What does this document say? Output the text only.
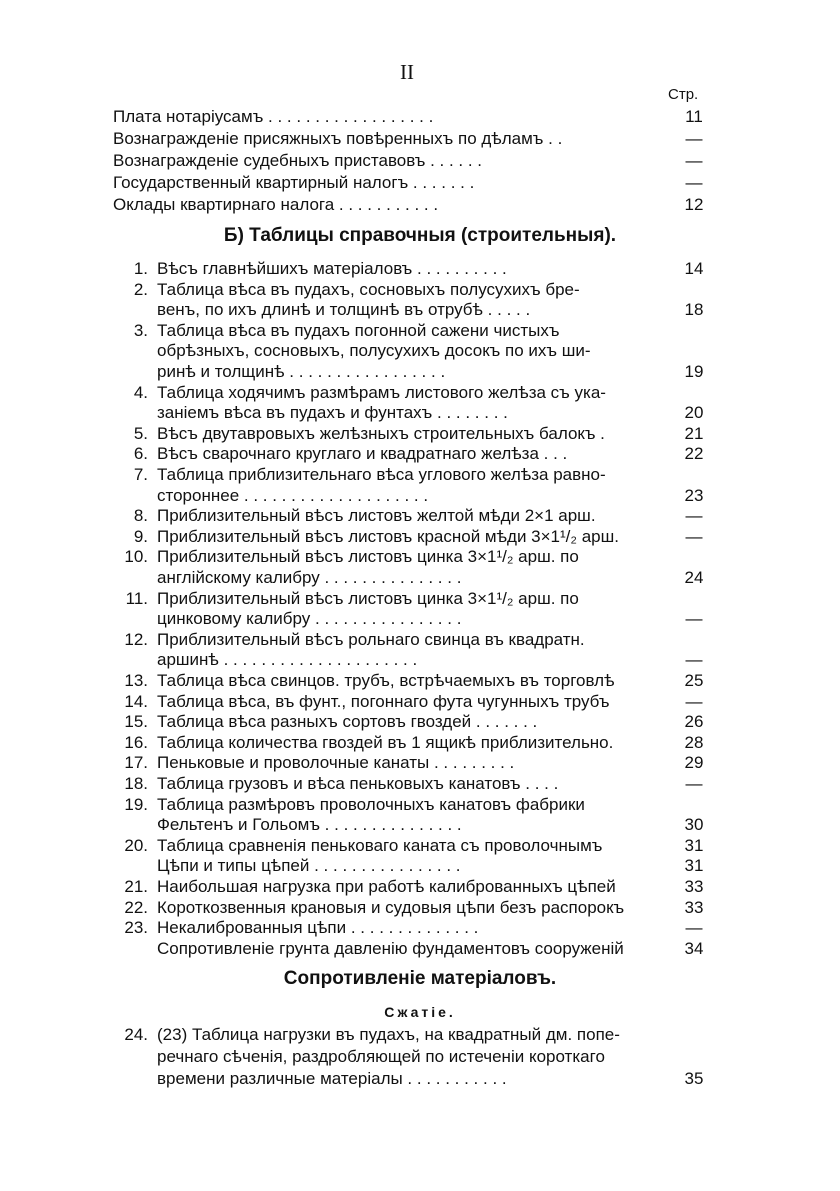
II
Стр.
Плата нотаріусамъ . . . . . . . . . . . . . . . . . .	11
Вознагражденіе присяжныхъ повѣренныхъ по дѣламъ . .	—
Вознагражденіе судебныхъ приставовъ . . . . . .	—
Государственный квартирный налогъ . . . . . . .	—
Оклады квартирнаго налога . . . . . . . . . . .	12
Б) Таблицы справочныя (строительныя).
1. Вѣсъ главнѣйшихъ матеріаловъ . . . . . . . . . .	14
2. Таблица вѣса въ пудахъ, сосновыхъ полусухихъ бре-
венъ, по ихъ длинѣ и толщинѣ въ отрубѣ . . . . .	18
3. Таблица вѣса въ пудахъ погонной сажени чистыхъ
обрѣзныхъ, сосновыхъ, полусухихъ досокъ по ихъ ши-
ринѣ и толщинѣ . . . . . . . . . . . . . . . . .	19
4. Таблица ходячимъ размѣрамъ листового желѣза съ ука-
заніемъ вѣса въ пудахъ и фунтахъ . . . . . . . .	20
5. Вѣсъ двутавровыхъ желѣзныхъ строительныхъ балокъ .	21
6. Вѣсъ сварочнаго круглаго и квадратнаго желѣза . . .	22
7. Таблица приблизительнаго вѣса углового желѣза равно-
стороннее . . . . . . . . . . . . . . . . . . . .	23
8. Приблизительный вѣсъ листовъ желтой мѣди 2×1 арш.	—
9. Приблизительный вѣсъ листовъ красной мѣди 3×1¹/₂ арш.	—
10. Приблизительный вѣсъ листовъ цинка 3×1¹/₂ арш. по
англійскому калибру . . . . . . . . . . . . . . .	24
11. Приблизительный вѣсъ листовъ цинка 3×1¹/₂ арш. по
цинковому калибру . . . . . . . . . . . . . . . .	—
12. Приблизительный вѣсъ рольнаго свинца въ квадратн.
аршинѣ . . . . . . . . . . . . . . . . . . . . .	—
13. Таблица вѣса свинцов. трубъ, встрѣчаемыхъ въ торговлѣ	25
14. Таблица вѣса, въ фунт., погоннаго фута чугунныхъ трубъ	—
15. Таблица вѣса разныхъ сортовъ гвоздей . . . . . . .	26
16. Таблица количества гвоздей въ 1 ящикѣ приблизительно.	28
17. Пеньковые и проволочные канаты . . . . . . . . .	29
18. Таблица грузовъ и вѣса пеньковыхъ канатовъ . . . .	—
19. Таблица размѣровъ проволочныхъ канатовъ фабрики
Фельтенъ и Гольомъ . . . . . . . . . . . . . . .	30
20. Таблица сравненія пеньковаго каната съ проволочнымъ	31
Цѣпи и типы цѣпей . . . . . . . . . . . . . . . .	31
21. Наибольшая нагрузка при работѣ калиброванныхъ цѣпей	33
22. Короткозвенныя крановыя и судовыя цѣпи безъ распорокъ	33
23. Некалиброванныя цѣпи . . . . . . . . . . . . . .	—
Сопротивленіе грунта давленію фундаментовъ сооруженій	34
Сопротивленіе матеріаловъ.
Сжатіе.
24. (23) Таблица нагрузки въ пудахъ, на квадратный дм. попе-
речнаго сѣченія, раздробляющей по истеченіи короткаго
времени различные матеріалы . . . . . . . . . . .	35
